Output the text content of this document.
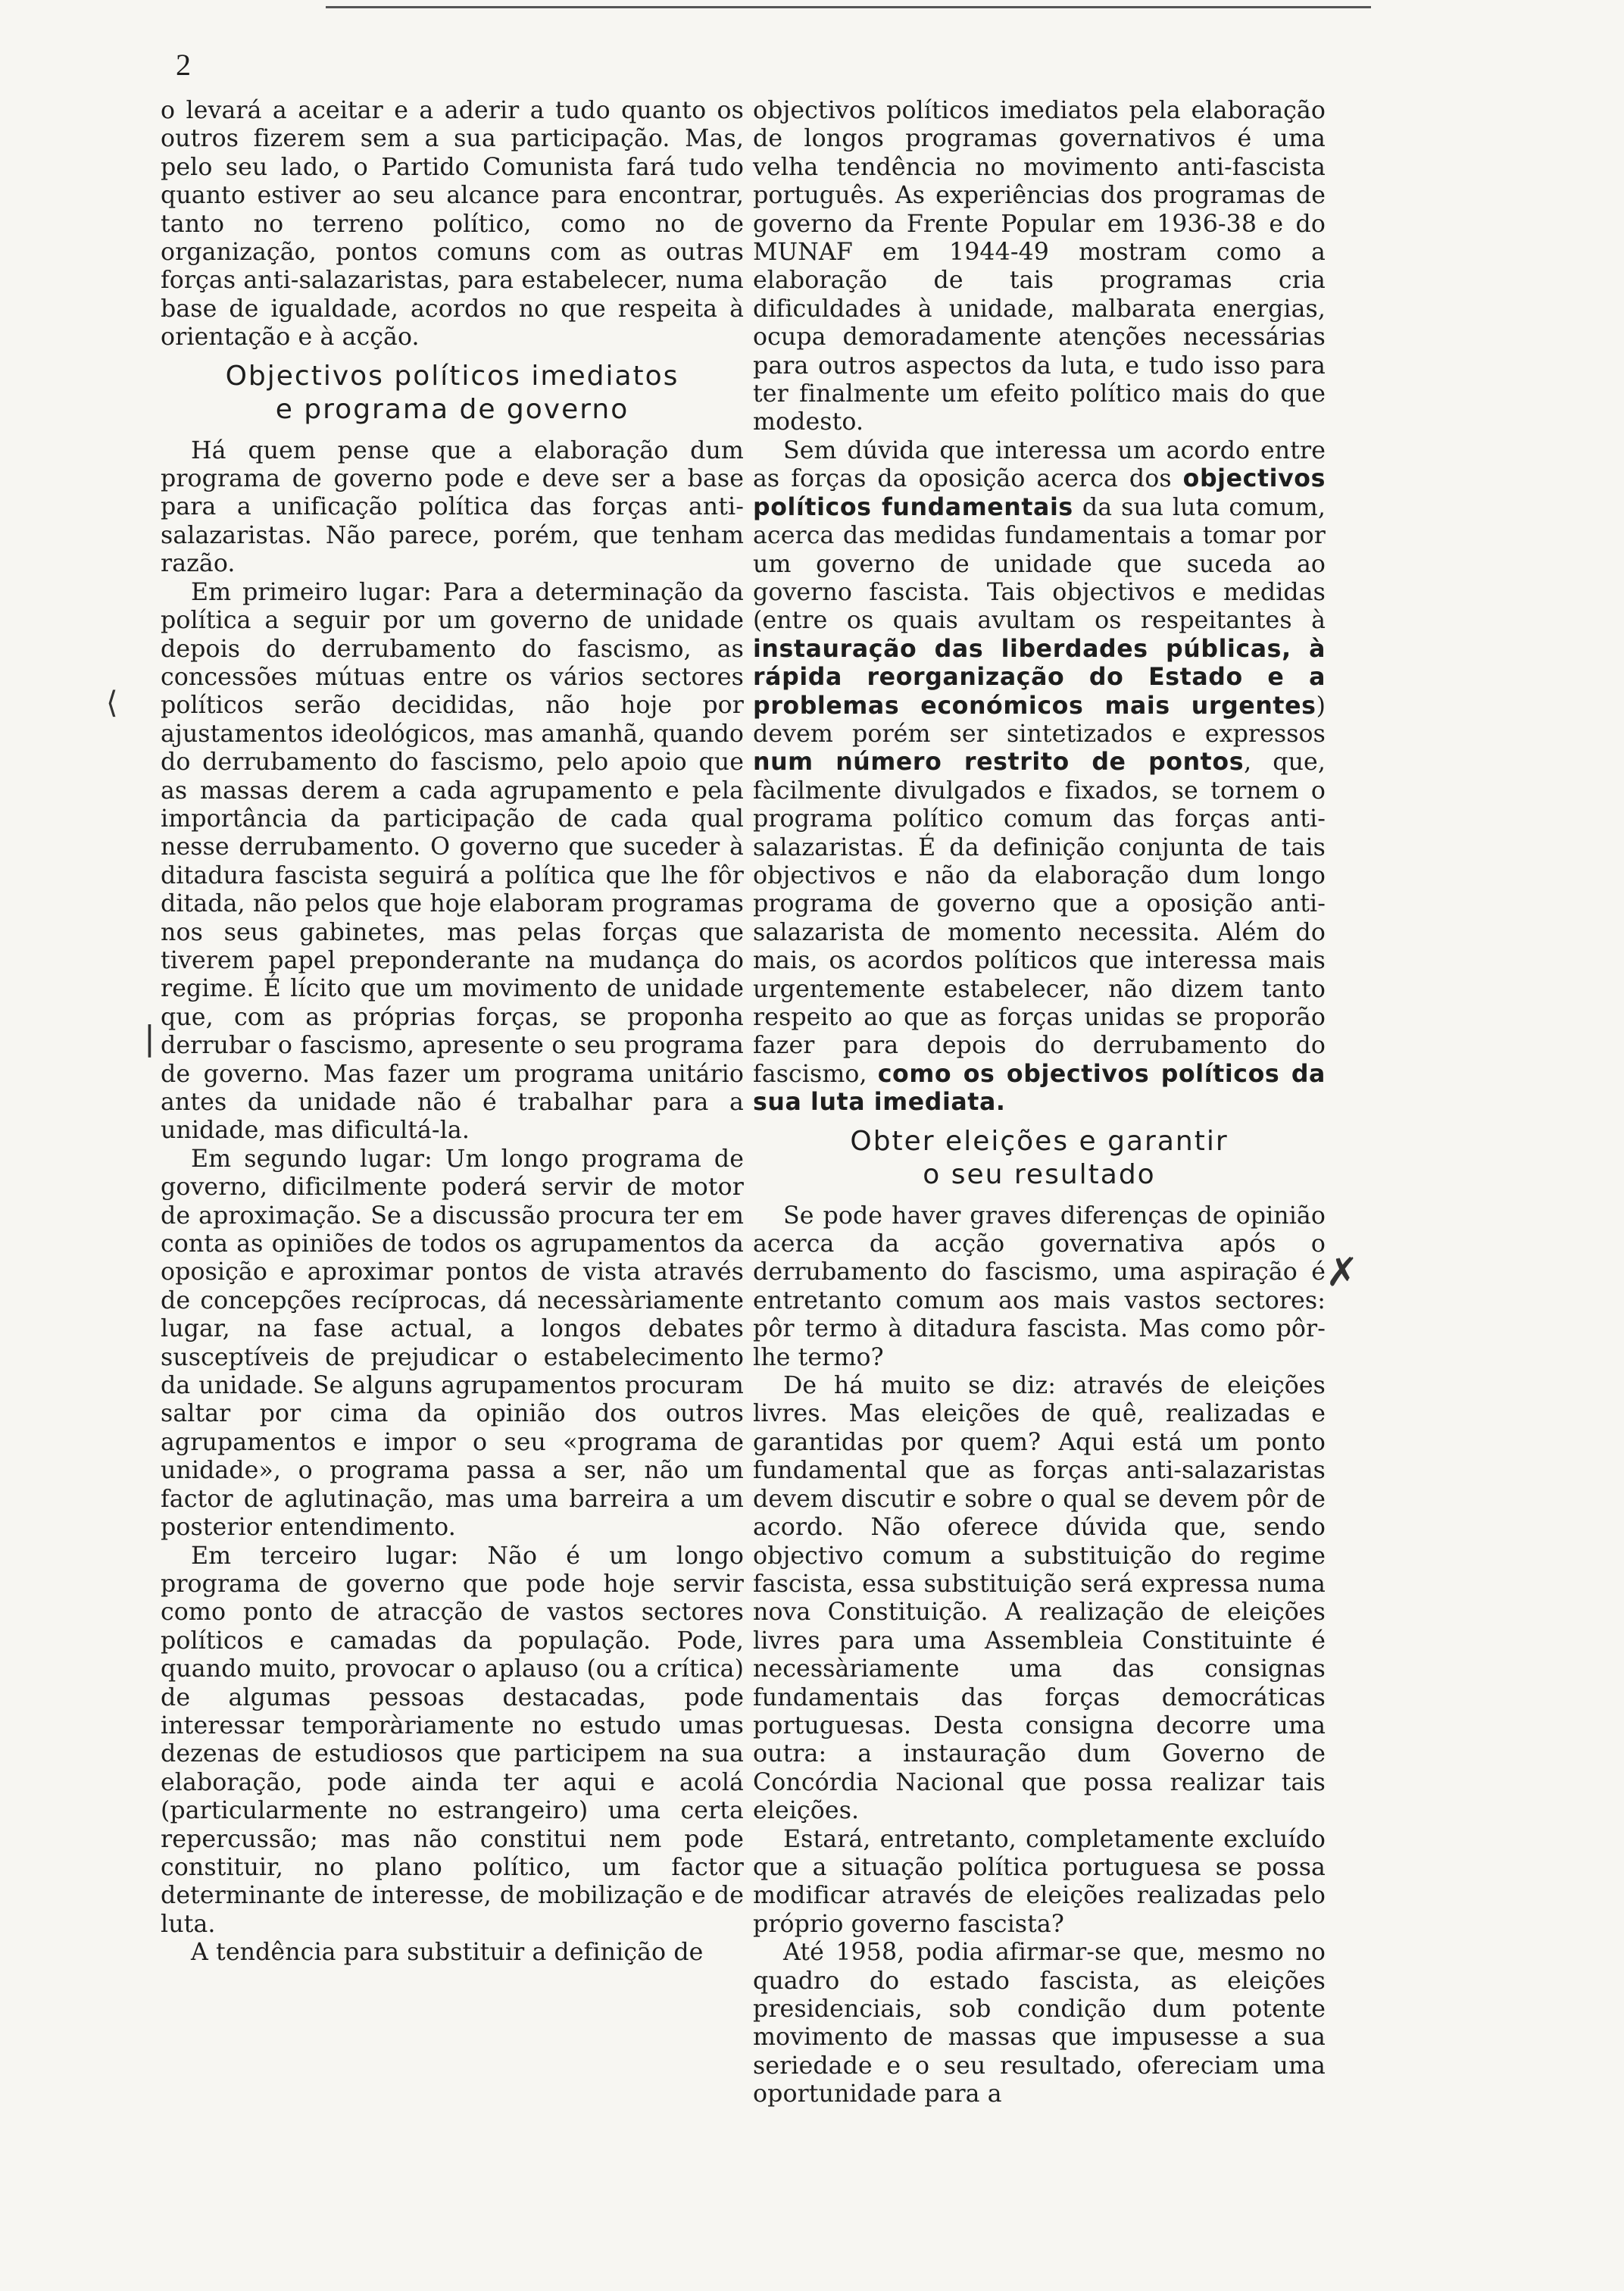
2

o levará a aceitar e a aderir a tudo quanto os outros fizerem sem a sua participação. Mas, pelo seu lado, o Partido Comunista fará tudo quanto estiver ao seu alcance para encontrar, tanto no terreno político, como no de organização, pontos comuns com as outras forças anti-salazaristas, para estabelecer, numa base de igualdade, acordos no que respeita à orientação e à acção.

Objectivos políticos imediatos
e programa de governo

Há quem pense que a elaboração dum programa de governo pode e deve ser a base para a unificação política das forças anti-salazaristas. Não parece, porém, que tenham razão.

Em primeiro lugar: Para a determinação da política a seguir por um governo de unidade depois do derrubamento do fascismo, as concessões mútuas entre os vários sectores políticos serão decididas, não hoje por ajustamentos ideológicos, mas amanhã, quando do derrubamento do fascismo, pelo apoio que as massas derem a cada agrupamento e pela importância da participação de cada qual nesse derrubamento. O governo que suceder à ditadura fascista seguirá a política que lhe fôr ditada, não pelos que hoje elaboram programas nos seus gabinetes, mas pelas forças que tiverem papel preponderante na mudança do regime. É lícito que um movimento de unidade que, com as próprias forças, se proponha derrubar o fascismo, apresente o seu programa de governo. Mas fazer um programa unitário antes da unidade não é trabalhar para a unidade, mas dificultá-la.

Em segundo lugar: Um longo programa de governo, dificilmente poderá servir de motor de aproximação. Se a discussão procura ter em conta as opiniões de todos os agrupamentos da oposição e aproximar pontos de vista através de concepções recíprocas, dá necessàriamente lugar, na fase actual, a longos debates susceptíveis de prejudicar o estabelecimento da unidade. Se alguns agrupamentos procuram saltar por cima da opinião dos outros agrupamentos e impor o seu «programa de unidade», o programa passa a ser, não um factor de aglutinação, mas uma barreira a um posterior entendimento.

Em terceiro lugar: Não é um longo programa de governo que pode hoje servir como ponto de atracção de vastos sectores políticos e camadas da população. Pode, quando muito, provocar o aplauso (ou a crítica) de algumas pessoas destacadas, pode interessar temporàriamente no estudo umas dezenas de estudiosos que participem na sua elaboração, pode ainda ter aqui e acolá (particularmente no estrangeiro) uma certa repercussão; mas não constitui nem pode constituir, no plano político, um factor determinante de interesse, de mobilização e de luta.

A tendência para substituir a definição de

objectivos políticos imediatos pela elaboração de longos programas governativos é uma velha tendência no movimento anti-fascista português. As experiências dos programas de governo da Frente Popular em 1936-38 e do MUNAF em 1944-49 mostram como a elaboração de tais programas cria dificuldades à unidade, malbarata energias, ocupa demoradamente atenções necessárias para outros aspectos da luta, e tudo isso para ter finalmente um efeito político mais do que modesto.

Sem dúvida que interessa um acordo entre as forças da oposição acerca dos objectivos políticos fundamentais da sua luta comum, acerca das medidas fundamentais a tomar por um governo de unidade que suceda ao governo fascista. Tais objectivos e medidas (entre os quais avultam os respeitantes à instauração das liberdades públicas, à rápida reorganização do Estado e a problemas económicos mais urgentes) devem porém ser sintetizados e expressos num número restrito de pontos, que, fàcilmente divulgados e fixados, se tornem o programa político comum das forças anti-salazaristas. É da definição conjunta de tais objectivos e não da elaboração dum longo programa de governo que a oposição anti-salazarista de momento necessita. Além do mais, os acordos políticos que interessa mais urgentemente estabelecer, não dizem tanto respeito ao que as forças unidas se proporão fazer para depois do derrubamento do fascismo, como os objectivos políticos da sua luta imediata.

Obter eleições e garantir
o seu resultado

Se pode haver graves diferenças de opinião acerca da acção governativa após o derrubamento do fascismo, uma aspiração é entretanto comum aos mais vastos sectores: pôr termo à ditadura fascista. Mas como pôr-lhe termo?

De há muito se diz: através de eleições livres. Mas eleições de quê, realizadas e garantidas por quem? Aqui está um ponto fundamental que as forças anti-salazaristas devem discutir e sobre o qual se devem pôr de acordo. Não oferece dúvida que, sendo objectivo comum a substituição do regime fascista, essa substituição será expressa numa nova Constituição. A realização de eleições livres para uma Assembleia Constituinte é necessàriamente uma das consignas fundamentais das forças democráticas portuguesas. Desta consigna decorre uma outra: a instauração dum Governo de Concórdia Nacional que possa realizar tais eleições.

Estará, entretanto, completamente excluído que a situação política portuguesa se possa modificar através de eleições realizadas pelo próprio governo fascista?

Até 1958, podia afirmar-se que, mesmo no quadro do estado fascista, as eleições presidenciais, sob condição dum potente movimento de massas que impusesse a sua seriedade e o seu resultado, ofereciam uma oportunidade para a

⟨
|
✗
